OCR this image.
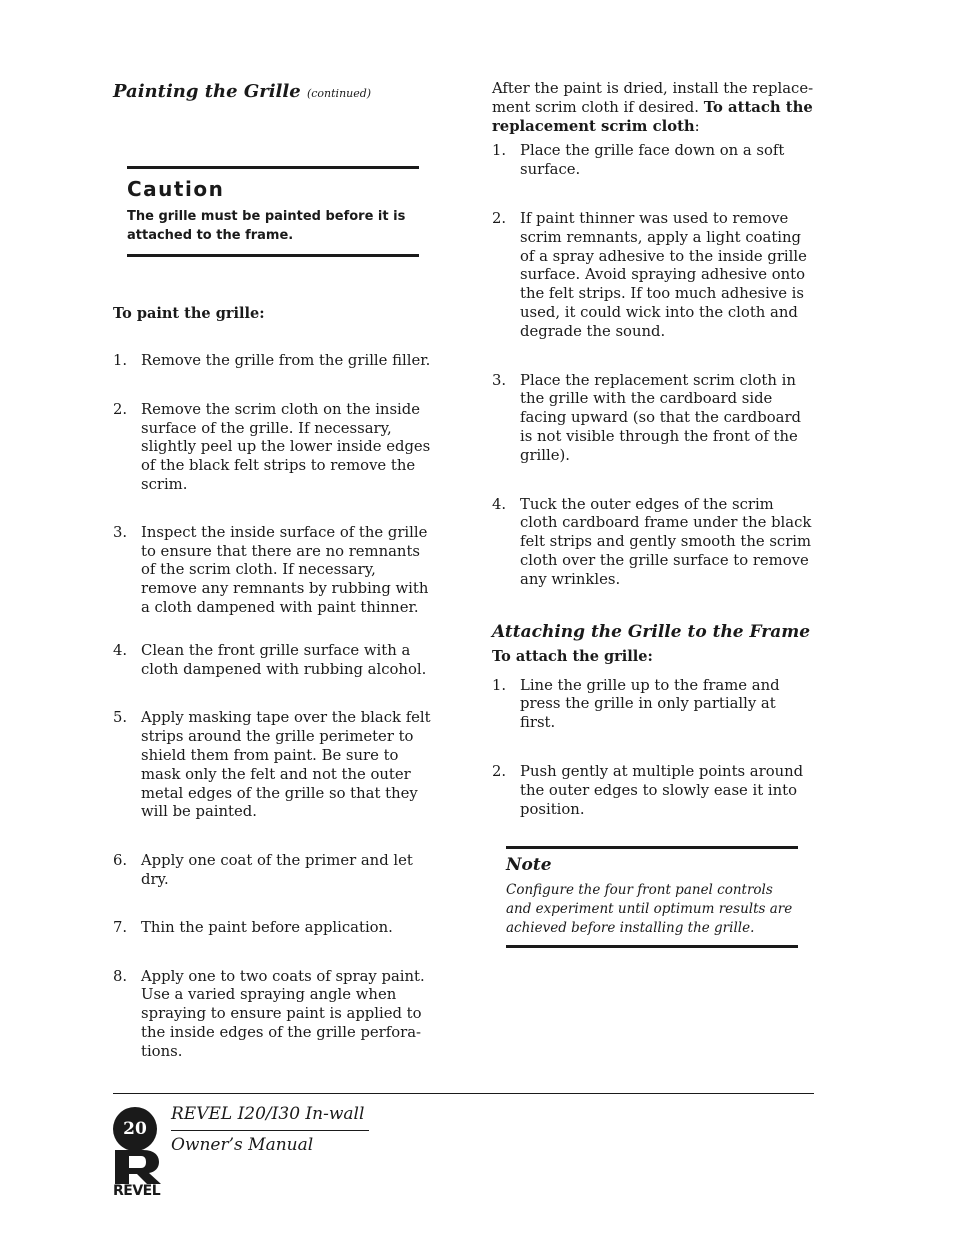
Painting the Grille (continued)

Caution

The grille must be painted before it is attached to the frame.

To paint the grille:

1. Remove the grille from the grille filler.
2. Remove the scrim cloth on the inside surface of the grille. If necessary, slightly peel up the lower inside edges of the black felt strips to remove the scrim.
3. Inspect the inside surface of the grille to ensure that there are no remnants of the scrim cloth. If necessary, remove any remnants by rubbing with a cloth dampened with paint thinner.
4. Clean the front grille surface with a cloth dampened with rubbing alcohol.
5. Apply masking tape over the black felt strips around the grille perimeter to shield them from paint. Be sure to mask only the felt and not the outer metal edges of the grille so that they will be painted.
6. Apply one coat of the primer and let dry.
7. Thin the paint before application.
8. Apply one to two coats of spray paint. Use a varied spraying angle when spraying to ensure paint is applied to the inside edges of the grille perfora-tions.

After the paint is dried, install the replace-ment scrim cloth if desired. To attach the replacement scrim cloth:

1. Place the grille face down on a soft surface.
2. If paint thinner was used to remove scrim remnants, apply a light coating of a spray adhesive to the inside grille surface. Avoid spraying adhesive onto the felt strips. If too much adhesive is used, it could wick into the cloth and degrade the sound.
3. Place the replacement scrim cloth in the grille with the cardboard side facing upward (so that the cardboard is not visible through the front of the grille).
4. Tuck the outer edges of the scrim cloth cardboard frame under the black felt strips and gently smooth the scrim cloth over the grille surface to remove any wrinkles.
Attaching the Grille to the Frame

To attach the grille:

1. Line the grille up to the frame and press the grille in only partially at first.
2. Push gently at multiple points around the outer edges to slowly ease it into position.

Note

Configure the four front panel controls and experiment until optimum results are achieved before installing the grille.

20
REVEL I20/I30 In-wall
Owner’s Manual
REVEL
